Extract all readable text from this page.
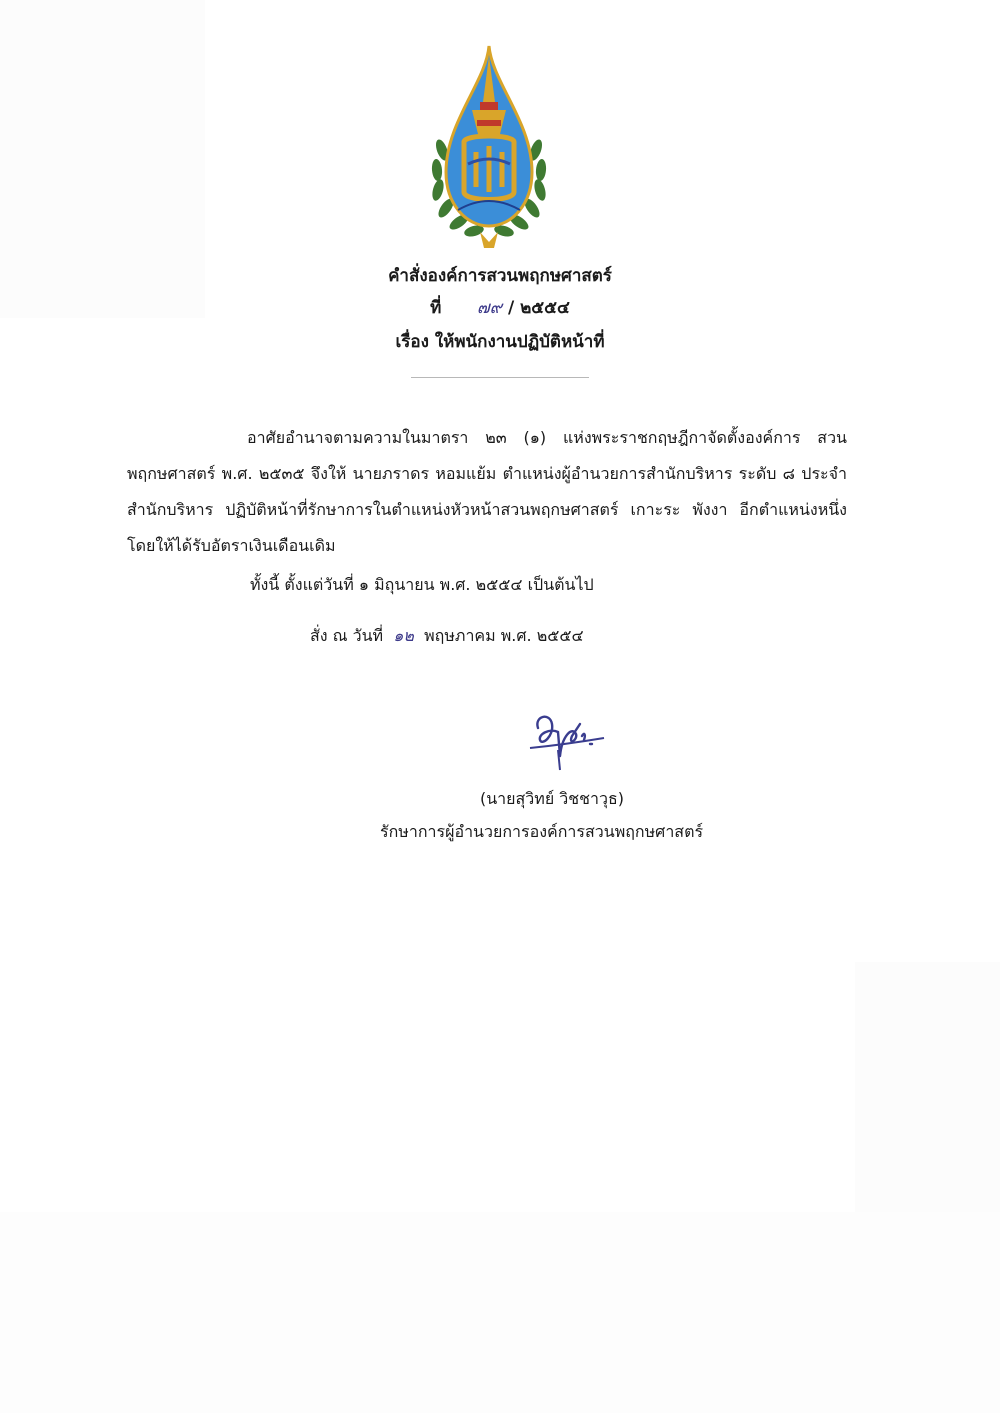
คำสั่งองค์การสวนพฤกษศาสตร์
ที่ ๗๙ / ๒๕๕๔
เรื่อง ให้พนักงานปฏิบัติหน้าที่
อาศัยอำนาจตามความในมาตรา ๒๓ (๑) แห่งพระราชกฤษฎีกาจัดตั้งองค์การ สวนพฤกษศาสตร์ พ.ศ. ๒๕๓๕ จึงให้ นายภราดร หอมแย้ม ตำแหน่งผู้อำนวยการสำนักบริหาร ระดับ ๘ ประจำสำนักบริหาร ปฏิบัติหน้าที่รักษาการในตำแหน่งหัวหน้าสวนพฤกษศาสตร์ เกาะระ พังงา อีกตำแหน่งหนึ่งโดยให้ได้รับอัตราเงินเดือนเดิม
ทั้งนี้ ตั้งแต่วันที่ ๑ มิถุนายน พ.ศ. ๒๕๕๔ เป็นต้นไป
สั่ง ณ วันที่ ๑๒ พฤษภาคม พ.ศ. ๒๕๕๔
(นายสุวิทย์ วิชชาวุธ)
รักษาการผู้อำนวยการองค์การสวนพฤกษศาสตร์
